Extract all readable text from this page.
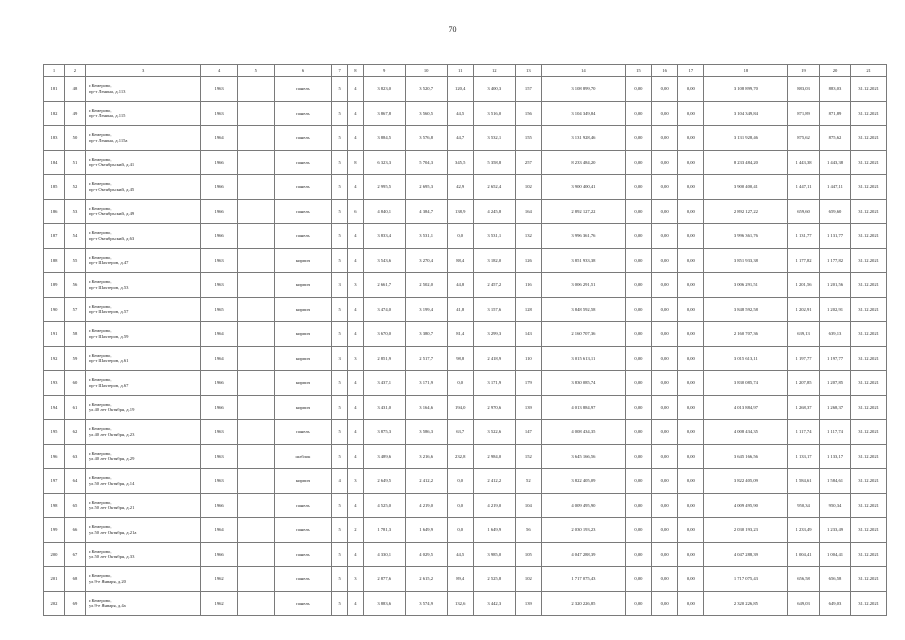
70
1	2	3	4	5	6	7	8	9	10	11	12	13	14	15	16	17	18	19	20	21
181	48	г.Кемерово,
пр-т Ленина, д.113	1963		панель	5	4	3 823,0	3 520,7	120,4	3 400,3	157	3 108 899,70	0,00	0,00	0,00	3 108 899,70	883,03	883,03	31.12.2021
182	49	г.Кемерово,
пр-т Ленина, д.115	1963		панель	5	4	3 867,8	3 560,5	44,5	3 516,0	156	3 104 349,84	0,00	0,00	0,00	3 104 349,84	871,89	871,89	31.12.2021
183	50	г.Кемерово,
пр-т Ленина, д.115а	1964		панель	5	4	3 884,5	3 576,8	44,7	3 532,1	155	3 131 928,46	0,00	0,00	0,00	3 131 928,46	875,62	875,62	31.12.2021
184	51	г.Кемерово,
пр-т Октябрьский, д.41	1966		панель	5	8	6 323,3	5 704,3	345,5	5 358,8	257	8 233 484,20	0,00	0,00	0,00	8 233 484,20	1 443,38	1 443,38	31.12.2021
185	52	г.Кемерово,
пр-т Октябрьский, д.45	1966		панель	5	4	2 995,5	2 695,3	42,9	2 652,4	102	3 900 400,41	0,00	0,00	0,00	3 900 400,41	1 447,11	1 447,11	31.12.2021
186	53	г.Кемерово,
пр-т Октябрьский, д.49	1966		панель	5	6	4 840,1	4 384,7	138,9	4 245,8	164	2 892 127,22	0,00	0,00	0,00	2 892 127,22	659,60	659,60	31.12.2021
187	54	г.Кемерово,
пр-т Октябрьский, д.63	1966		панель	5	4	3 833,4	3 531,1	0,0	3 531,1	132	3 996 361,76	0,00	0,00	0,00	3 996 361,76	1 131,77	1 131,77	31.12.2021
188	55	г.Кемерово,
пр-т Шахтеров, д.47	1963		кирпич	5	4	3 543,6	3 270,4	88,4	3 182,0	126	3 851 933,38	0,00	0,00	0,00	3 851 933,38	1 177,82	1 177,82	31.12.2021
189	56	г.Кемерово,
пр-т Шахтеров, д.53	1963		кирпич	3	3	2 661,7	2 502,0	44,8	2 457,2	116	3 006 291,51	0,00	0,00	0,00	3 006 291,51	1 201,56	1 201,56	31.12.2021
190	57	г.Кемерово,
пр-т Шахтеров, д.57	1965		кирпич	5	4	3 474,0	3 199,4	41,8	3 157,6	128	3 848 592,58	0,00	0,00	0,00	3 848 592,58	1 202,91	1 202,91	31.12.2021
191	58	г.Кемерово,
пр-т Шахтеров, д.59	1964		кирпич	5	4	3 670,0	3 380,7	81,4	3 299,3	143	2 160 707,36	0,00	0,00	0,00	2 160 707,36	639,13	639,13	31.12.2021
192	59	г.Кемерово,
пр-т Шахтеров, д.61	1964		кирпич	3	3	2 851,9	2 517,7	98,8	2 418,9	110	3 015 613,11	0,00	0,00	0,00	3 015 613,11	1 197,77	1 197,77	31.12.2021
193	60	г.Кемерово,
пр-т Шахтеров, д.67	1966		кирпич	5	4	3 437,1	3 171,9	0,0	3 171,9	179	3 830 085,74	0,00	0,00	0,00	3 830 085,74	1 207,85	1 207,85	31.12.2021
194	61	г.Кемерово,
ул.40 лет Октября, д.19	1966		кирпич	5	4	3 431,0	3 164,6	194,0	2 970,6	139	4 013 884,97	0,00	0,00	0,00	4 013 884,97	1 268,37	1 268,37	31.12.2021
195	62	г.Кемерово,
ул.40 лет Октября, д.23	1963		панель	5	4	3 875,3	3 586,3	63,7	3 522,6	147	4 008 434,35	0,00	0,00	0,00	4 008 434,35	1 117,74	1 117,74	31.12.2021
196	63	г.Кемерово,
ул.40 лет Октября, д.29	1963		шлблок	5	4	3 489,6	3 216,6	232,8	2 984,0	152	3 645 166,56	0,00	0,00	0,00	3 645 166,56	1 133,17	1 133,17	31.12.2021
197	64	г.Кемерово,
ул.50 лет Октября, д.14	1963		кирпич	4	3	2 649,5	2 412,2	0,0	2 412,2	52	3 822 405,09	0,00	0,00	0,00	3 822 405,09	1 584,61	1 584,61	31.12.2021
198	65	г.Кемерово,
ул.50 лет Октября, д.21	1966		панель	5	4	4 525,0	4 219,0	0,0	4 219,0	104	4 009 495,90	0,00	0,00	0,00	4 009 495,90	950,34	950,34	31.12.2021
199	66	г.Кемерово,
ул.50 лет Октября, д.21а	1964		панель	5	2	1 781,3	1 649,9	0,0	1 649,9	56	2 030 193,23	0,00	0,00	0,00	2 030 193,23	1 233,49	1 233,49	31.12.2021
200	67	г.Кемерово,
ул.50 лет Октября, д.33	1966		панель	5	4	4 330,1	4 029,5	44,5	3 985,0	105	4 047 288,39	0,00	0,00	0,00	4 047 288,39	1 004,41	1 004,41	31.12.2021
201	68	г.Кемерово,
ул.9-е Января, д.20	1962		панель	5	3	2 877,6	2 615,2	89,4	2 525,8	102	1 717 075,43	0,00	0,00	0,00	1 717 075,43	656,58	656,58	31.12.2021
202	69	г.Кемерово,
ул.9-е Января, д.4а	1962		панель	5	4	3 883,6	3 574,9	132,6	3 442,3	139	2 320 226,85	0,00	0,00	0,00	2 320 226,85	649,03	649,03	31.12.2021
